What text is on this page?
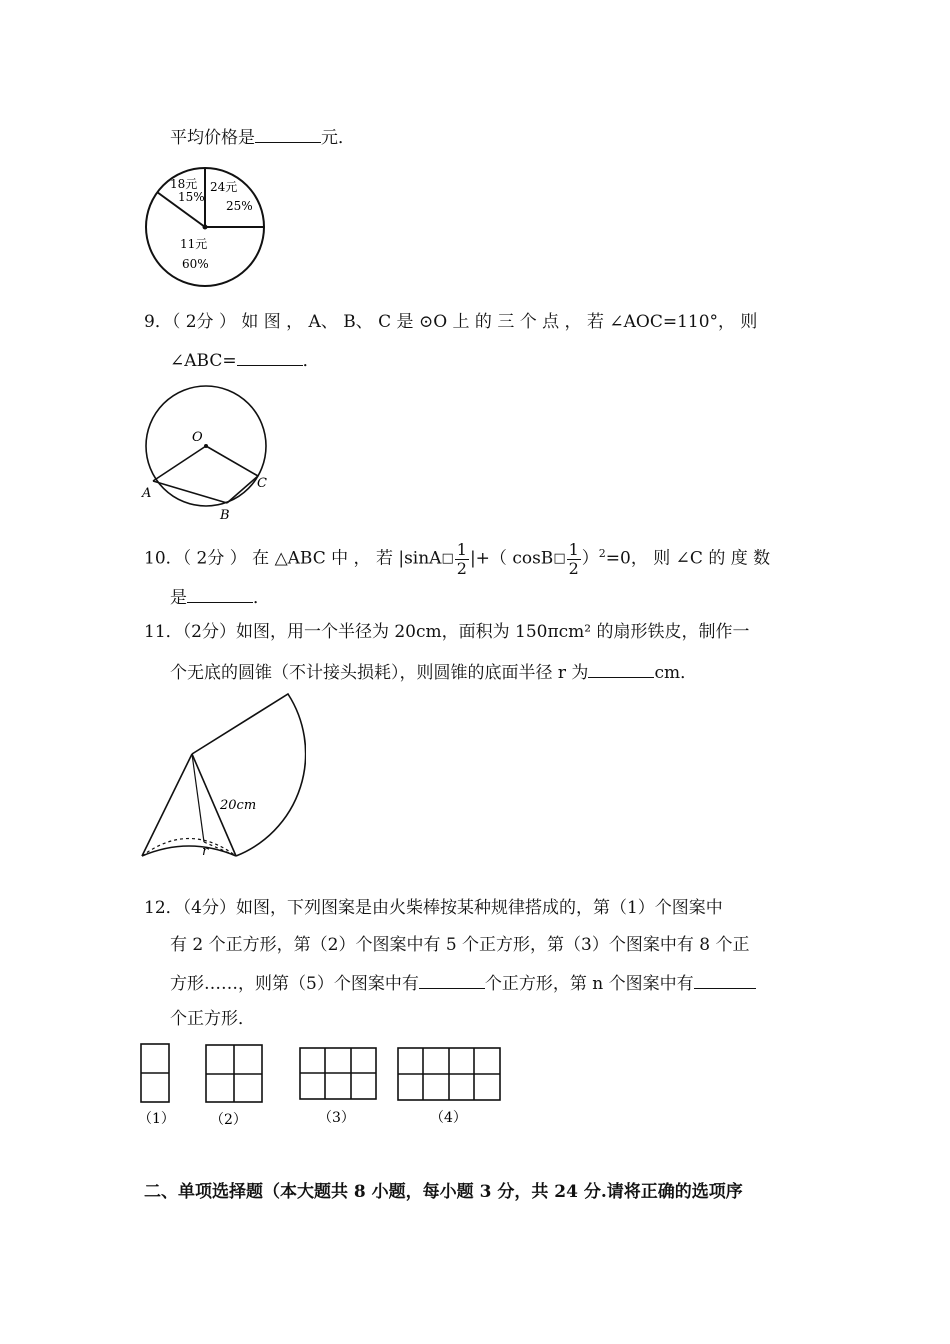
平均价格是	元．
18元
15%
24元
25%
11元
60%
9．（ 2分 ） 如 图 ， A、 B、 C 是 ⊙O 上 的 三 个 点 ， 若 ∠AOC=110°， 则
∠ABC=	．
O
A
B
C
10．（ 2分 ） 在 △ABC 中 ， 若 |sinA□ $\frac{1}{2}$ |+（ cosB□ $\frac{1}{2} )^2=0$， 则 ∠C 的 度 数
是	．
11．（2分）如图，用一个半径为 20cm，面积为 150πcm² 的扇形铁皮，制作一
个无底的圆锥（不计接头损耗），则圆锥的底面半径 r 为	cm．
20cm
r
12．（4分）如图，下列图案是由火柴棒按某种规律搭成的，第（1）个图案中
有 2 个正方形，第（2）个图案中有 5 个正方形，第（3）个图案中有 8 个正
方形……，则第（5）个图案中有	个正方形，第 n 个图案中有
个正方形．
（1）	（2）	（3）	（4）
二、单项选择题（本大题共 8 小题，每小题 3 分，共 24 分.请将正确的选项序
